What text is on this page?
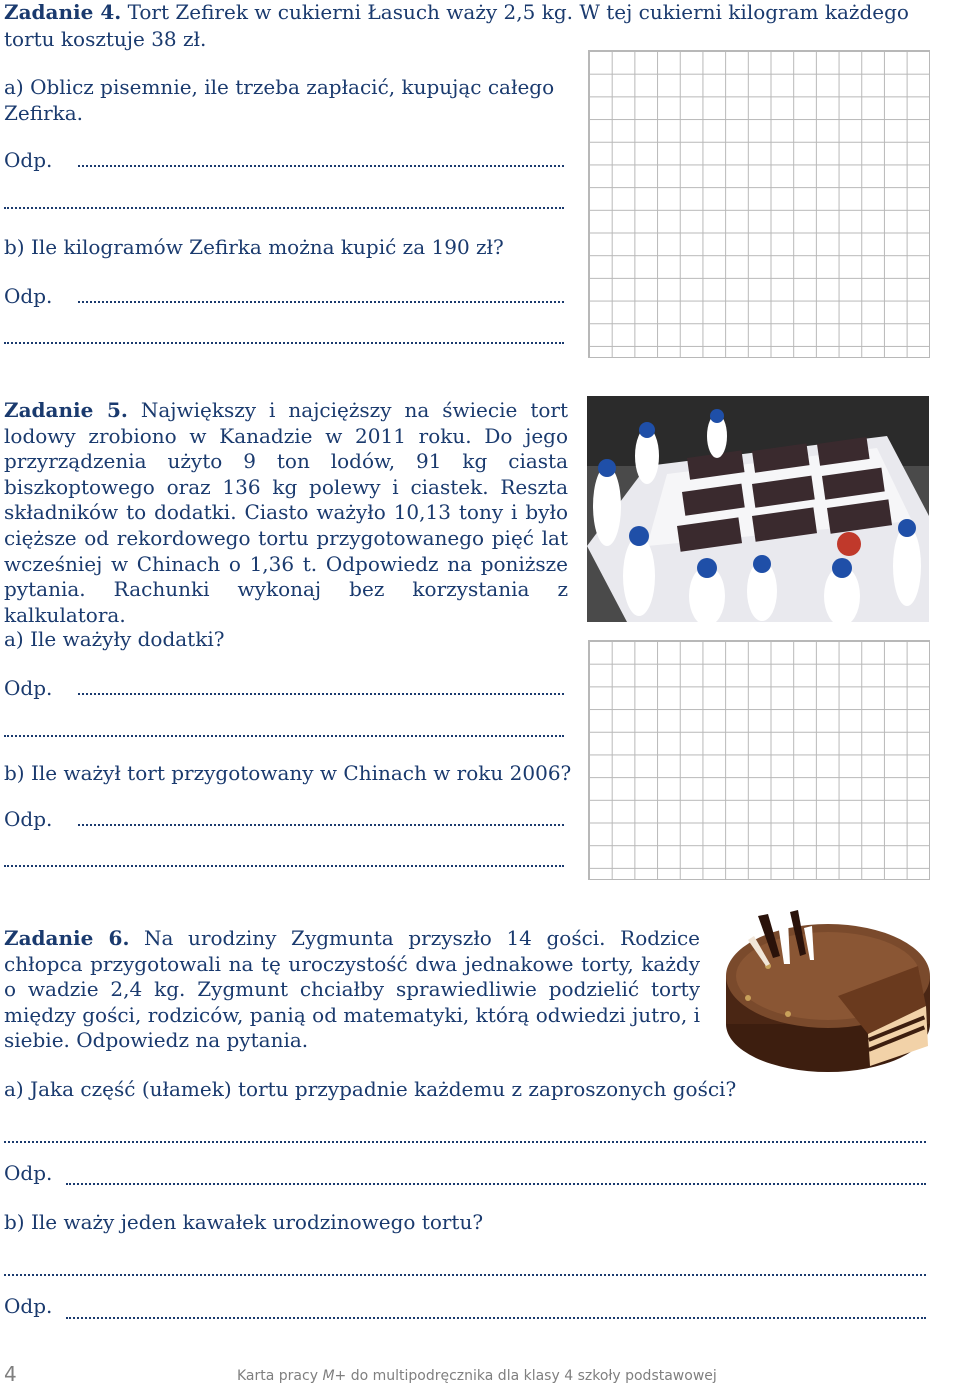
Zadanie 4. Tort Zefirek w cukierni Łasuch waży 2,5 kg. W tej cukierni kilogram każdego
tortu kosztuje 38 zł.
a) Oblicz pisemnie, ile trzeba zapłacić, kupując całego
Zefirka.
Odp.
b) Ile kilogramów Zefirka można kupić za 190 zł?
Odp.
Zadanie 5. Największy i najcięższy na świecie tort lodowy zrobiono w Kanadzie w 2011 roku. Do jego przyrządzenia użyto 9 ton lodów, 91 kg ciasta biszkoptowego oraz 136 kg polewy i ciastek. Reszta składników to dodatki. Ciasto ważyło 10,13 tony i było cięższe od rekordowego tortu przygotowanego pięć lat wcześniej w Chinach o 1,36 t. Odpowiedz na poniższe pytania. Rachunki wykonaj bez korzystania z kalkulatora.
a) Ile ważyły dodatki?
Odp.
b) Ile ważył tort przygotowany w Chinach w roku 2006?
Odp.
Zadanie 6. Na urodziny Zygmunta przyszło 14 gości. Rodzice chłopca przygotowali na tę uroczystość dwa jednakowe torty, każdy o wadzie 2,4 kg. Zygmunt chciałby sprawiedliwie podzielić torty między gości, rodziców, panią od matematyki, którą odwiedzi jutro, i siebie. Odpowiedz na pytania.
a) Jaka część (ułamek) tortu przypadnie każdemu z zaproszonych gości?
Odp.
b) Ile waży jeden kawałek urodzinowego tortu?
Odp.
4	Karta pracy M+ do multipodręcznika dla klasy 4 szkoły podstawowej
